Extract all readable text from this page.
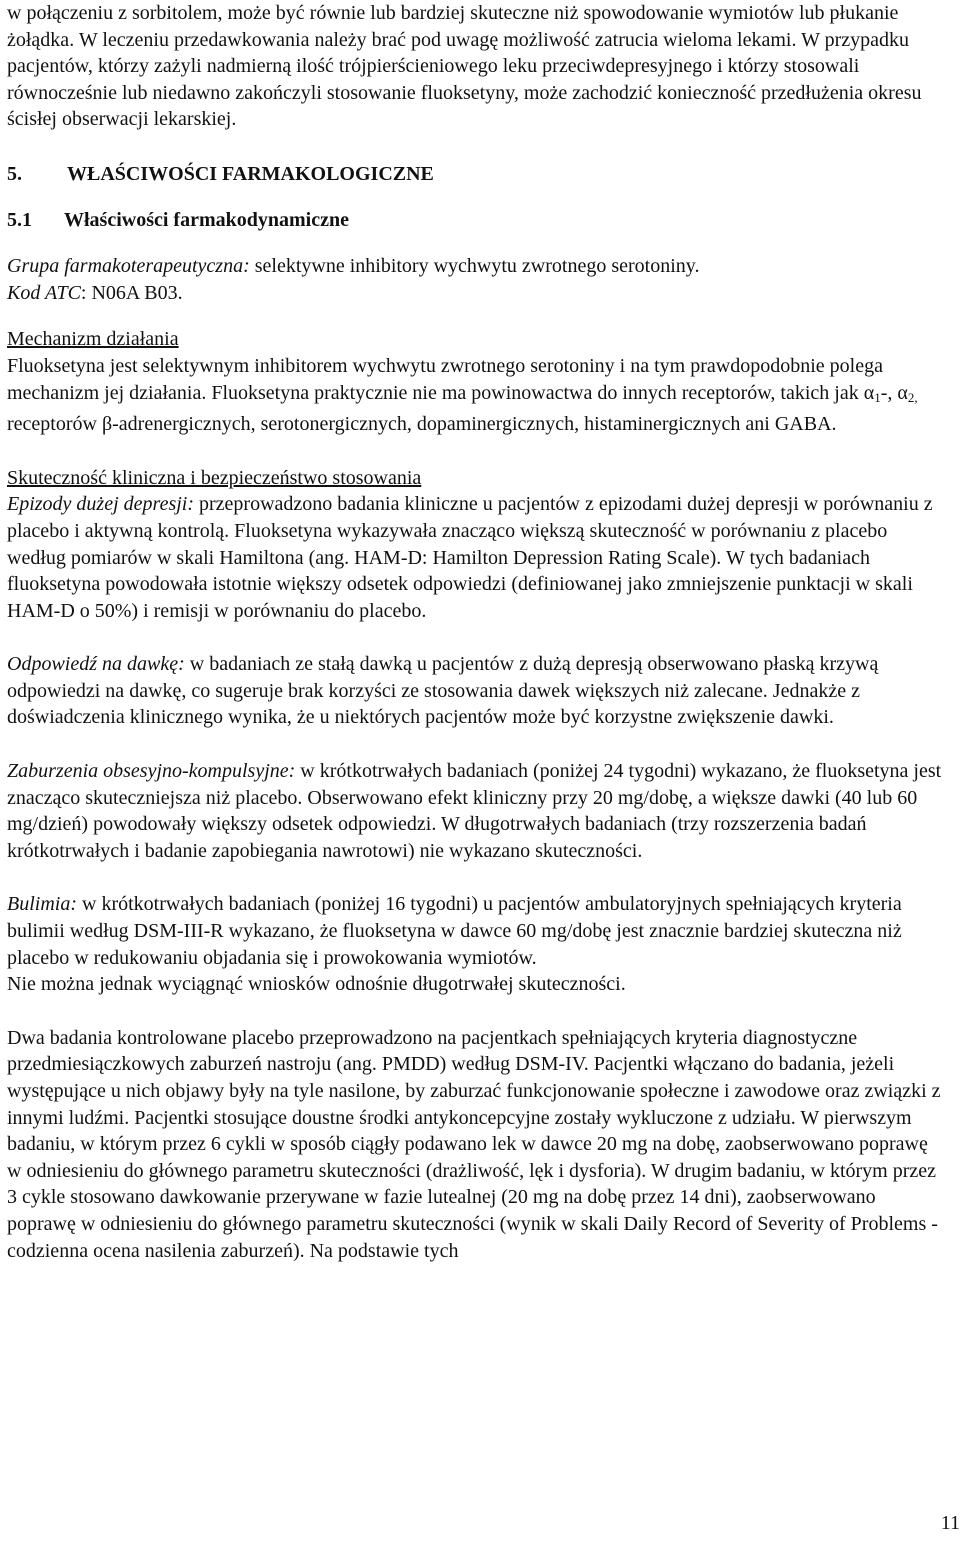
w połączeniu z sorbitolem, może być równie lub bardziej skuteczne niż spowodowanie wymiotów lub płukanie żołądka. W leczeniu przedawkowania należy brać pod uwagę możliwość zatrucia wieloma lekami. W przypadku pacjentów, którzy zażyli nadmierną ilość trójpierścieniowego leku przeciwdepresyjnego i którzy stosowali równocześnie lub niedawno zakończyli stosowanie fluoksetyny, może zachodzić konieczność przedłużenia okresu ścisłej obserwacji lekarskiej.

5. WŁAŚCIWOŚCI FARMAKOLOGICZNE

5.1 Właściwości farmakodynamiczne

Grupa farmakoterapeutyczna: selektywne inhibitory wychwytu zwrotnego serotoniny.

Kod ATC: N06A B03.

Mechanizm działania

Fluoksetyna jest selektywnym inhibitorem wychwytu zwrotnego serotoniny i na tym prawdopodobnie polega mechanizm jej działania. Fluoksetyna praktycznie nie ma powinowactwa do innych receptorów, takich jak $\alpha_1-$, $\alpha_{2,}$ receptorów β-adrenergicznych, serotonergicznych, dopaminergicznych, histaminergicznych ani GABA.

Skuteczność kliniczna i bezpieczeństwo stosowania

Epizody dużej depresji: przeprowadzono badania kliniczne u pacjentów z epizodami dużej depresji w porównaniu z placebo i aktywną kontrolą. Fluoksetyna wykazywała znacząco większą skuteczność w porównaniu z placebo według pomiarów w skali Hamiltona (ang. HAM-D: Hamilton Depression Rating Scale). W tych badaniach fluoksetyna powodowała istotnie większy odsetek odpowiedzi (definiowanej jako zmniejszenie punktacji w skali HAM-D o 50%) i remisji w porównaniu do placebo.

Odpowiedź na dawkę: w badaniach ze stałą dawką u pacjentów z dużą depresją obserwowano płaską krzywą odpowiedzi na dawkę, co sugeruje brak korzyści ze stosowania dawek większych niż zalecane. Jednakże z doświadczenia klinicznego wynika, że u niektórych pacjentów może być korzystne zwiększenie dawki.

Zaburzenia obsesyjno-kompulsyjne: w krótkotrwałych badaniach (poniżej 24 tygodni) wykazano, że fluoksetyna jest znacząco skuteczniejsza niż placebo. Obserwowano efekt kliniczny przy 20 mg/dobę, a większe dawki (40 lub 60 mg/dzień) powodowały większy odsetek odpowiedzi. W długotrwałych badaniach (trzy rozszerzenia badań krótkotrwałych i badanie zapobiegania nawrotowi) nie wykazano skuteczności.

Bulimia: w krótkotrwałych badaniach (poniżej 16 tygodni) u pacjentów ambulatoryjnych spełniających kryteria bulimii według DSM-III-R wykazano, że fluoksetyna w dawce 60 mg/dobę jest znacznie bardziej skuteczna niż placebo w redukowaniu objadania się i prowokowania wymiotów.

Nie można jednak wyciągnąć wniosków odnośnie długotrwałej skuteczności.

Dwa badania kontrolowane placebo przeprowadzono na pacjentkach spełniających kryteria diagnostyczne przedmiesiączkowych zaburzeń nastroju (ang. PMDD) według DSM-IV. Pacjentki włączano do badania, jeżeli występujące u nich objawy były na tyle nasilone, by zaburzać funkcjonowanie społeczne i zawodowe oraz związki z innymi ludźmi. Pacjentki stosujące doustne środki antykoncepcyjne zostały wykluczone z udziału. W pierwszym badaniu, w którym przez 6 cykli w sposób ciągły podawano lek w dawce 20 mg na dobę, zaobserwowano poprawę w odniesieniu do głównego parametru skuteczności (drażliwość, lęk i dysforia). W drugim badaniu, w którym przez 3 cykle stosowano dawkowanie przerywane w fazie lutealnej (20 mg na dobę przez 14 dni), zaobserwowano poprawę w odniesieniu do głównego parametru skuteczności (wynik w skali Daily Record of Severity of Problems - codzienna ocena nasilenia zaburzeń). Na podstawie tych

11
